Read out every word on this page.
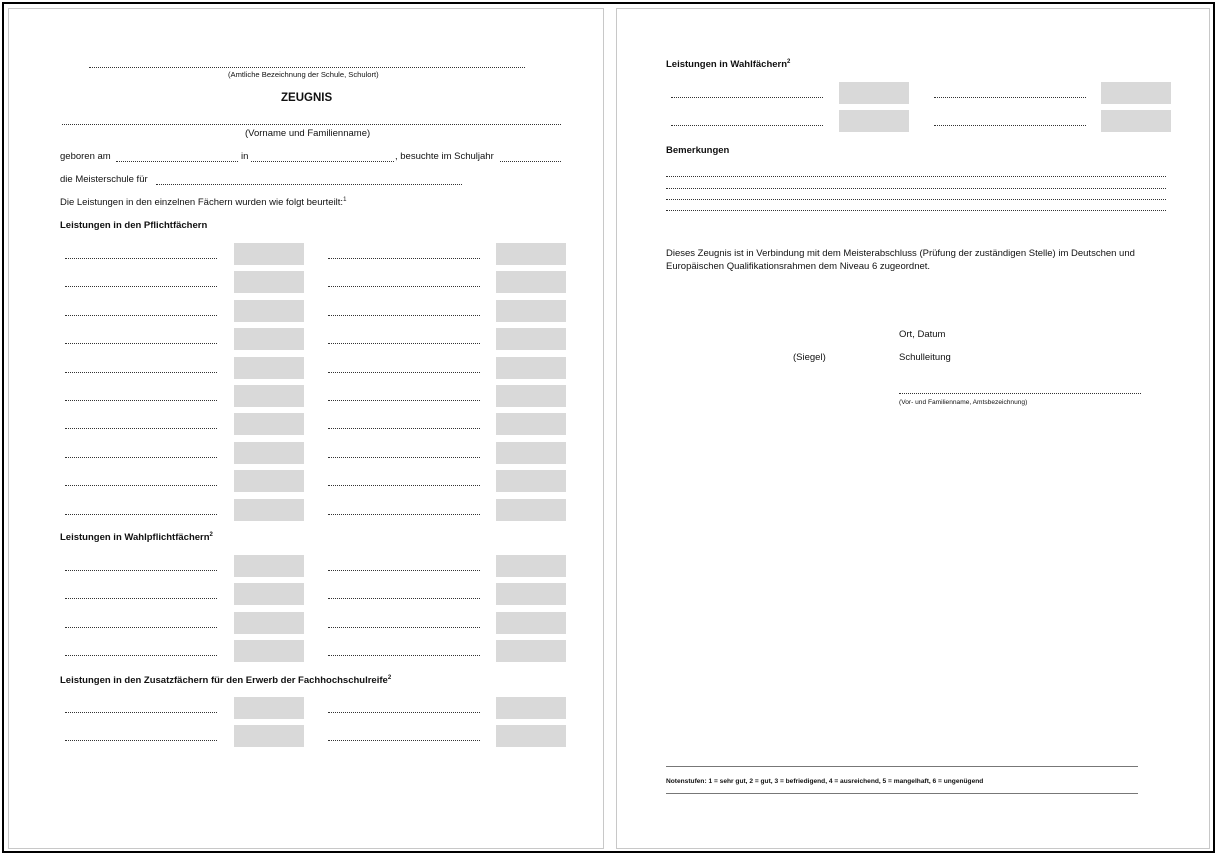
(Amtliche Bezeichnung der Schule, Schulort)
ZEUGNIS
(Vorname und Familienname)
geboren am	in	, besuchte im Schuljahr
die Meisterschule für
Die Leistungen in den einzelnen Fächern wurden wie folgt beurteilt:$^1$
Leistungen in den Pflichtfächern
Leistungen in Wahlpflichtfächern$^2$
Leistungen in den Zusatzfächern für den Erwerb der Fachhochschulreife$^2$
Leistungen in Wahlfächern$^2$
Bemerkungen
Dieses Zeugnis ist in Verbindung mit dem Meisterabschluss (Prüfung der zuständigen Stelle) im Deutschen und
Europäischen Qualifikationsrahmen dem Niveau 6 zugeordnet.
Ort, Datum
(Siegel)	Schulleitung
(Vor- und Familienname, Amtsbezeichnung)
Notenstufen: 1 = sehr gut, 2 = gut, 3 = befriedigend, 4 = ausreichend, 5 = mangelhaft, 6 = ungenügend
